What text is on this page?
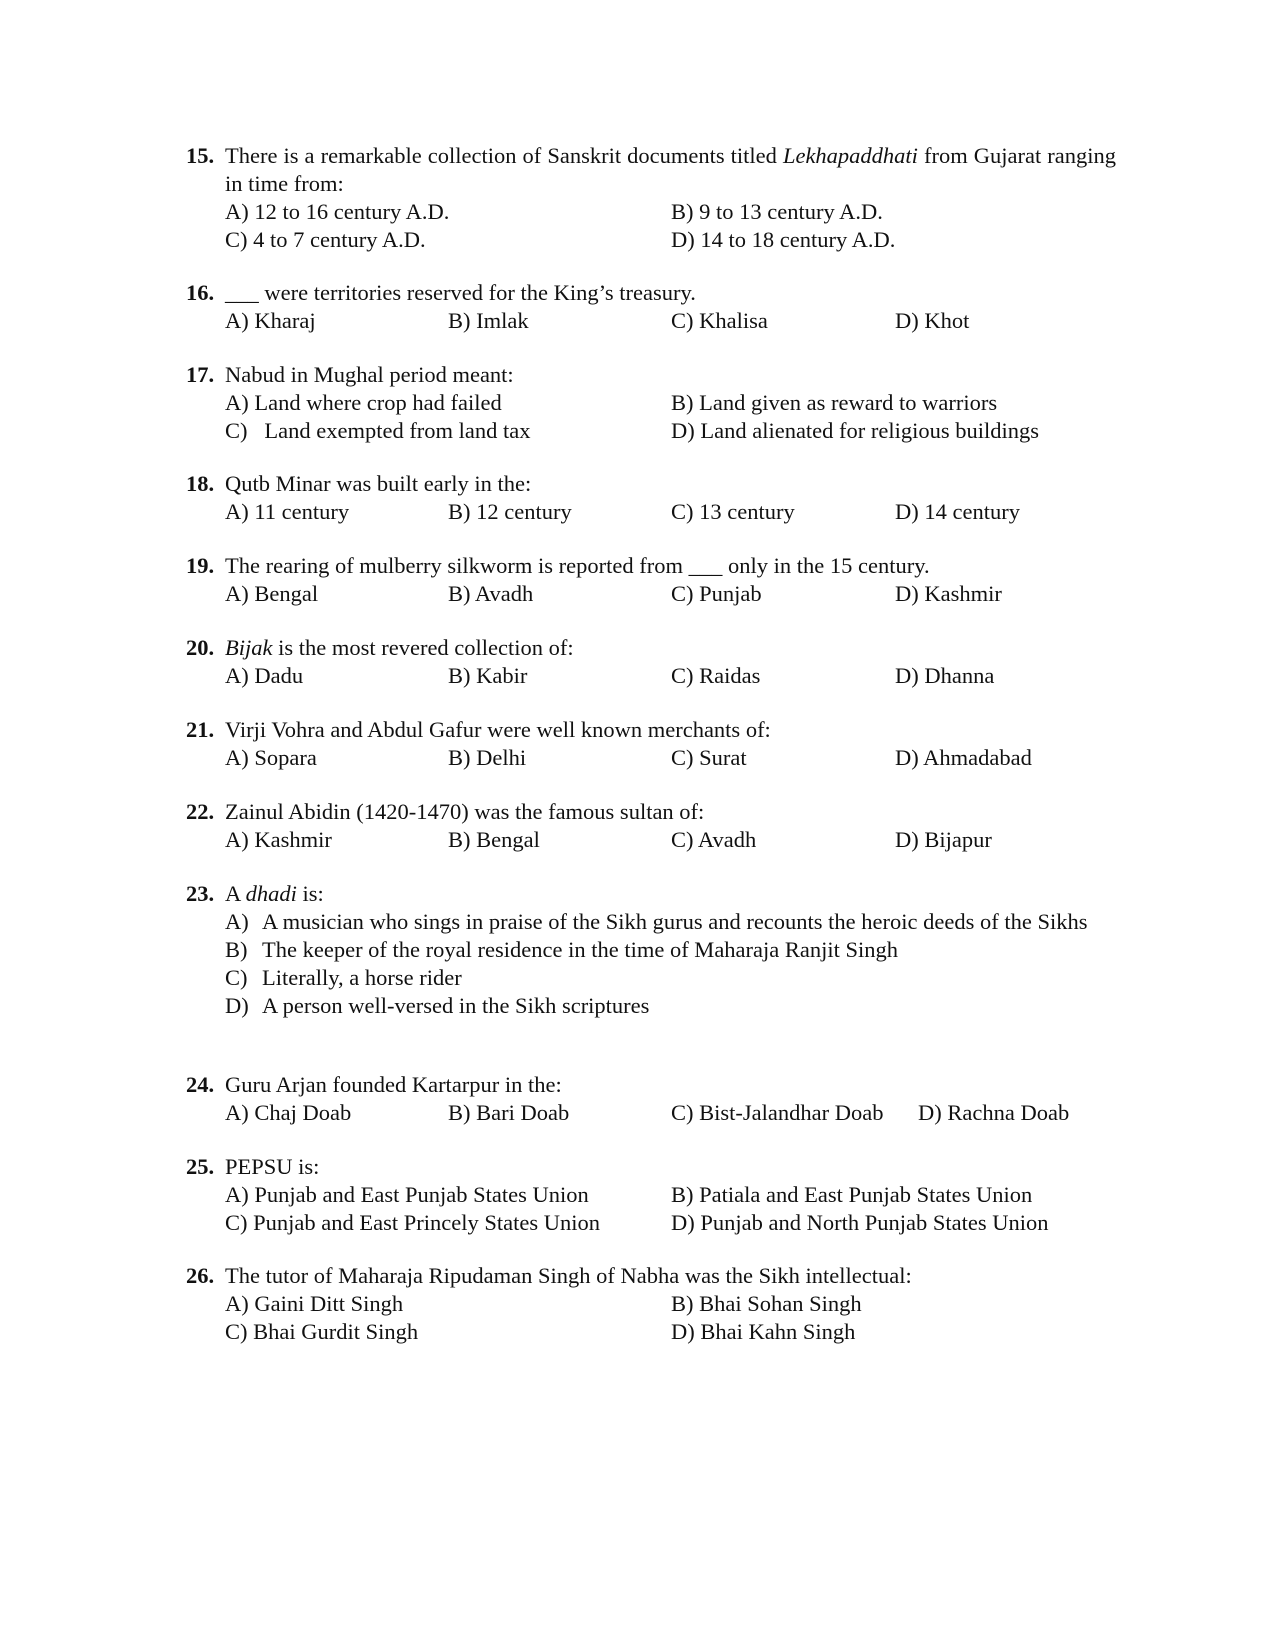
15. There is a remarkable collection of Sanskrit documents titled Lekhapaddhati from Gujarat ranging in time from:
A) 12 to 16 century A.D.	B) 9 to 13 century A.D.
C) 4 to 7 century A.D.	D) 14 to 18 century A.D.
16. ___ were territories reserved for the King’s treasury.
A) Kharaj	B) Imlak	C) Khalisa	D) Khot
17. Nabud in Mughal period meant:
A) Land where crop had failed	B) Land given as reward to warriors
C)   Land exempted from land tax	D) Land alienated for religious buildings
18. Qutb Minar was built early in the:
A) 11 century	B) 12 century	C) 13 century	D) 14 century
19. The rearing of mulberry silkworm is reported from ___ only in the 15 century.
A) Bengal	B) Avadh	C) Punjab	D) Kashmir
20. Bijak is the most revered collection of:
A) Dadu	B) Kabir	C) Raidas	D) Dhanna
21. Virji Vohra and Abdul Gafur were well known merchants of:
A) Sopara	B) Delhi	C) Surat	D) Ahmadabad
22. Zainul Abidin (1420-1470) was the famous sultan of:
A) Kashmir	B) Bengal	C) Avadh	D) Bijapur
23. A dhadi is:
A) A musician who sings in praise of the Sikh gurus and recounts the heroic deeds of the Sikhs
B) The keeper of the royal residence in the time of Maharaja Ranjit Singh
C) Literally, a horse rider
D) A person well-versed in the Sikh scriptures
24. Guru Arjan founded Kartarpur in the:
A) Chaj Doab	B) Bari Doab	C) Bist-Jalandhar Doab D) Rachna Doab
25. PEPSU is:
A) Punjab and East Punjab States Union	B) Patiala and East Punjab States Union
C) Punjab and East Princely States Union	D) Punjab and North Punjab States Union
26. The tutor of Maharaja Ripudaman Singh of Nabha was the Sikh intellectual:
A) Gaini Ditt Singh	B) Bhai Sohan Singh
C) Bhai Gurdit Singh	D) Bhai Kahn Singh
